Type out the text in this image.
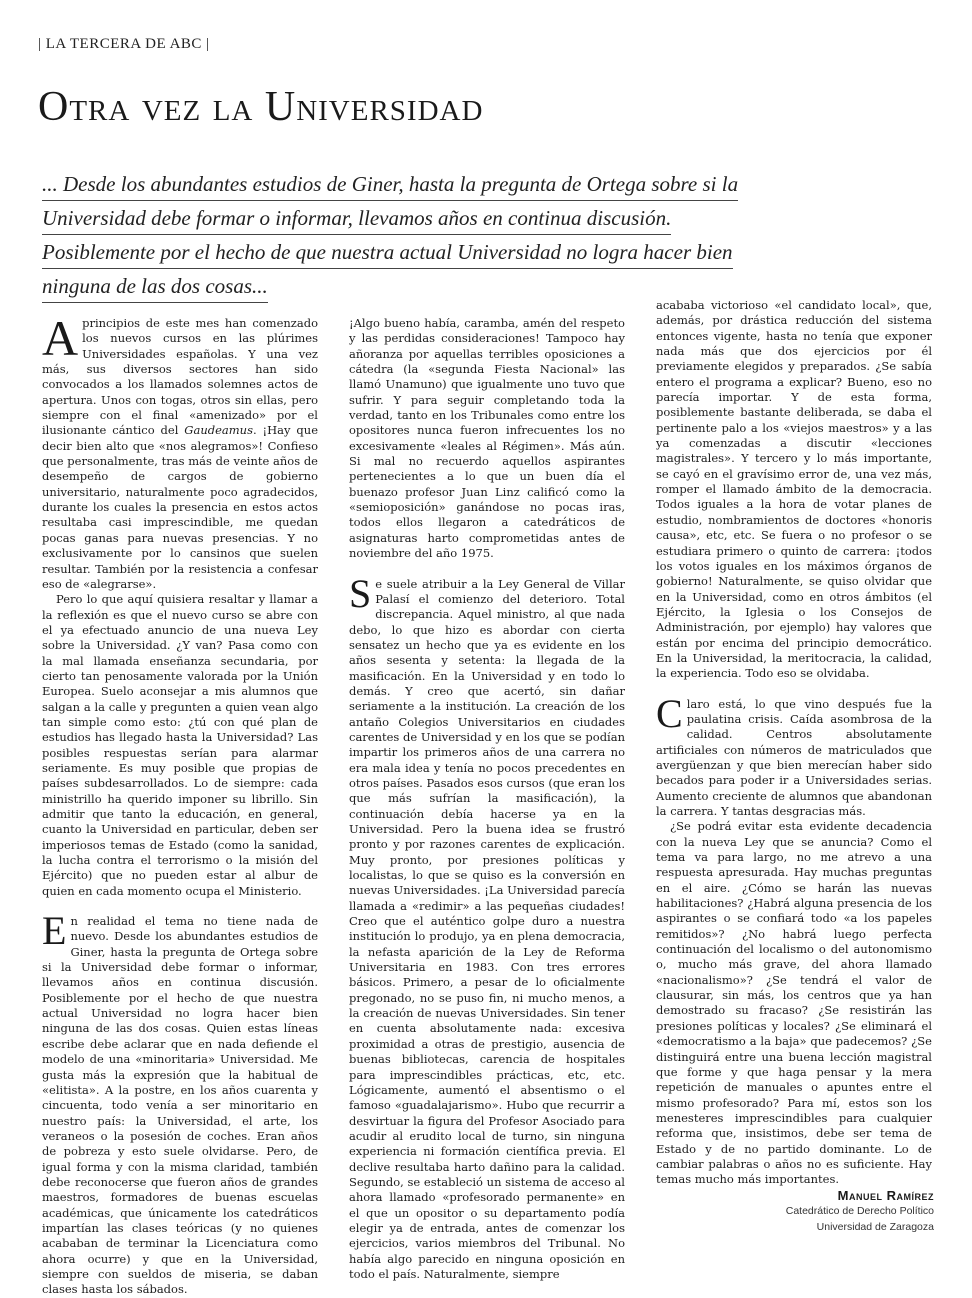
| LA TERCERA DE ABC |
Otra vez la Universidad
... Desde los abundantes estudios de Giner, hasta la pregunta de Ortega sobre si la
Universidad debe formar o informar, llevamos años en continua discusión.
Posiblemente por el hecho de que nuestra actual Universidad no logra hacer bien
ninguna de las dos cosas...

A principios de este mes han comenzado los nuevos cursos en las plúrimes Universidades españolas. Y una vez más, sus diversos sectores han sido convocados a los llamados solemnes actos de apertura. Unos con togas, otros sin ellas, pero siempre con el final «amenizado» por el ilusionante cántico del Gaudeamus. ¡Hay que decir bien alto que «nos alegramos»! Confieso que personalmente, tras más de veinte años de desempeño de cargos de gobierno universitario, naturalmente poco agradecidos, durante los cuales la presencia en estos actos resultaba casi imprescindible, me quedan pocas ganas para nuevas presencias. Y no exclusivamente por lo cansinos que suelen resultar. También por la resistencia a confesar eso de «alegrarse».

Pero lo que aquí quisiera resaltar y llamar a la reflexión es que el nuevo curso se abre con el ya efectuado anuncio de una nueva Ley sobre la Universidad. ¿Y van? Pasa como con la mal llamada enseñanza secundaria, por cierto tan penosamente valorada por la Unión Europea. Suelo aconsejar a mis alumnos que salgan a la calle y pregunten a quien vean algo tan simple como esto: ¿tú con qué plan de estudios has llegado hasta la Universidad? Las posibles respuestas serían para alarmar seriamente. Es muy posible que propias de países subdesarrollados. Lo de siempre: cada ministrillo ha querido imponer su librillo. Sin admitir que tanto la educación, en general, cuanto la Universidad en particular, deben ser imperiosos temas de Estado (como la sanidad, la lucha contra el terrorismo o la misión del Ejército) que no pueden estar al albur de quien en cada momento ocupa el Ministerio.

En realidad el tema no tiene nada de nuevo. Desde los abundantes estudios de Giner, hasta la pregunta de Ortega sobre si la Universidad debe formar o informar, llevamos años en continua discusión. Posiblemente por el hecho de que nuestra actual Universidad no logra hacer bien ninguna de las dos cosas. Quien estas líneas escribe debe aclarar que en nada defiende el modelo de una «minoritaria» Universidad. Me gusta más la expresión que la habitual de «elitista». A la postre, en los años cuarenta y cincuenta, todo venía a ser minoritario en nuestro país: la Universidad, el arte, los veraneos o la posesión de coches. Eran años de pobreza y esto suele olvidarse. Pero, de igual forma y con la misma claridad, también debe reconocerse que fueron años de grandes maestros, formadores de buenas escuelas académicas, que únicamente los catedráticos impartían las clases teóricas (y no quienes acababan de terminar la Licenciatura como ahora ocurre) y que en la Universidad, siempre con sueldos de miseria, se daban clases hasta los sábados.

¡Algo bueno había, caramba, amén del respeto y las perdidas consideraciones! Tampoco hay añoranza por aquellas terribles oposiciones a cátedra (la «segunda Fiesta Nacional» las llamó Unamuno) que igualmente uno tuvo que sufrir. Y para seguir completando toda la verdad, tanto en los Tribunales como entre los opositores nunca fueron infrecuentes los no excesivamente «leales al Régimen». Más aún. Si mal no recuerdo aquellos aspirantes pertenecientes a lo que un buen día el buenazo profesor Juan Linz calificó como la «semioposición» ganándose no pocas iras, todos ellos llegaron a catedráticos de asignaturas harto comprometidas antes de noviembre del año 1975.

Se suele atribuir a la Ley General de Villar Palasí el comienzo del deterioro. Total discrepancia. Aquel ministro, al que nada debo, lo que hizo es abordar con cierta sensatez un hecho que ya es evidente en los años sesenta y setenta: la llegada de la masificación. En la Universidad y en todo lo demás. Y creo que acertó, sin dañar seriamente a la institución. La creación de los antaño Colegios Universitarios en ciudades carentes de Universidad y en los que se podían impartir los primeros años de una carrera no era mala idea y tenía no pocos precedentes en otros países. Pasados esos cursos (que eran los que más sufrían la masificación), la continuación debía hacerse ya en la Universidad. Pero la buena idea se frustró pronto y por razones carentes de explicación. Muy pronto, por presiones políticas y localistas, lo que se quiso es la conversión en nuevas Universidades. ¡La Universidad parecía llamada a «redimir» a las pequeñas ciudades! Creo que el auténtico golpe duro a nuestra institución lo produjo, ya en plena democracia, la nefasta aparición de la Ley de Reforma Universitaria en 1983. Con tres errores básicos. Primero, a pesar de lo oficialmente pregonado, no se puso fin, ni mucho menos, a la creación de nuevas Universidades. Sin tener en cuenta absolutamente nada: excesiva proximidad a otras de prestigio, ausencia de buenas bibliotecas, carencia de hospitales para imprescindibles prácticas, etc, etc. Lógicamente, aumentó el absentismo o el famoso «guadalajarismo». Hubo que recurrir a desvirtuar la figura del Profesor Asociado para acudir al erudito local de turno, sin ninguna experiencia ni formación científica previa. El declive resultaba harto dañino para la calidad. Segundo, se estableció un sistema de acceso al ahora llamado «profesorado permanente» en el que un opositor o su departamento podía elegir ya de entrada, antes de comenzar los ejercicios, varios miembros del Tribunal. No había algo parecido en ninguna oposición en todo el país. Naturalmente, siempre

acababa victorioso «el candidato local», que, además, por drástica reducción del sistema entonces vigente, hasta no tenía que exponer nada más que dos ejercicios por él previamente elegidos y preparados. ¿Se sabía entero el programa a explicar? Bueno, eso no parecía importar. Y de esta forma, posiblemente bastante deliberada, se daba el pertinente palo a los «viejos maestros» y a las ya comenzadas a discutir «lecciones magistrales». Y tercero y lo más importante, se cayó en el gravísimo error de, una vez más, romper el llamado ámbito de la democracia. Todos iguales a la hora de votar planes de estudio, nombramientos de doctores «honoris causa», etc, etc. Se fuera o no profesor o se estudiara primero o quinto de carrera: ¡todos los votos iguales en los máximos órganos de gobierno! Naturalmente, se quiso olvidar que en la Universidad, como en otros ámbitos (el Ejército, la Iglesia o los Consejos de Administración, por ejemplo) hay valores que están por encima del principio democrático. En la Universidad, la meritocracia, la calidad, la experiencia. Todo eso se olvidaba.

Claro está, lo que vino después fue la paulatina crisis. Caída asombrosa de la calidad. Centros absolutamente artificiales con números de matriculados que avergüenzan y que bien merecían haber sido becados para poder ir a Universidades serias. Aumento creciente de alumnos que abandonan la carrera. Y tantas desgracias más.

¿Se podrá evitar esta evidente decadencia con la nueva Ley que se anuncia? Como el tema va para largo, no me atrevo a una respuesta apresurada. Hay muchas preguntas en el aire. ¿Cómo se harán las nuevas habilitaciones? ¿Habrá alguna presencia de los aspirantes o se confiará todo «a los papeles remitidos»? ¿No habrá luego perfecta continuación del localismo o del autonomismo o, mucho más grave, del ahora llamado «nacionalismo»? ¿Se tendrá el valor de clausurar, sin más, los centros que ya han demostrado su fracaso? ¿Se resistirán las presiones políticas y locales? ¿Se eliminará el «democratismo a la baja» que padecemos? ¿Se distinguirá entre una buena lección magistral que forme y que haga pensar y la mera repetición de manuales o apuntes entre el mismo profesorado? Para mí, estos son los menesteres imprescindibles para cualquier reforma que, insistimos, debe ser tema de Estado y de no partido dominante. Lo de cambiar palabras o años no es suficiente. Hay temas mucho más importantes.

Manuel Ramírez
Catedrático de Derecho Político
Universidad de Zaragoza
